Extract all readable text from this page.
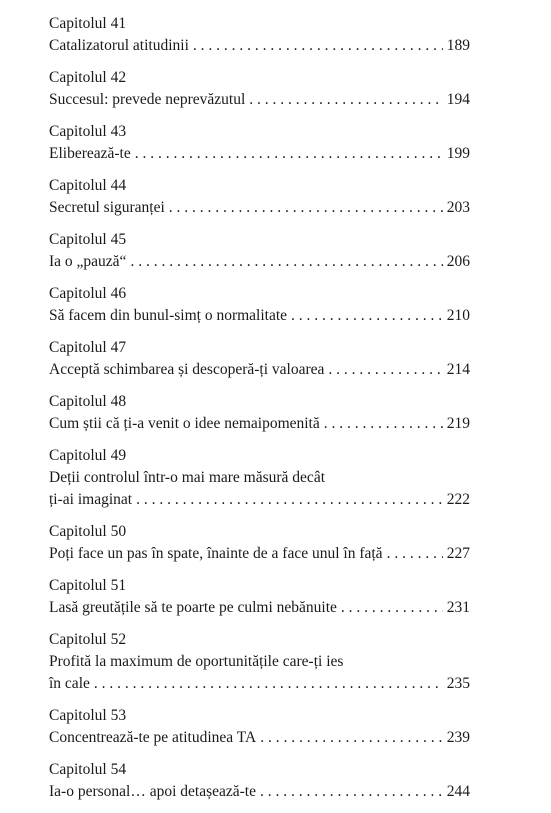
Capitolul 41
Catalizatorul atitudinii . . .	189
Capitolul 42
Succesul: prevede neprevăzutul . . .	194
Capitolul 43
Eliberează-te . . .	199
Capitolul 44
Secretul siguranței . . .	203
Capitolul 45
Ia o „pauză“ . . .	206
Capitolul 46
Să facem din bunul-simț o normalitate . . .	210
Capitolul 47
Acceptă schimbarea și descoperă-ți valoarea . . .	214
Capitolul 48
Cum știi că ți-a venit o idee nemaipomenită . . .	219
Capitolul 49
Deții controlul într-o mai mare măsură decât
ți-ai imaginat . . .	222
Capitolul 50
Poți face un pas în spate, înainte de a face unul în față . . .	227
Capitolul 51
Lasă greutățile să te poarte pe culmi nebănuite . . .	231
Capitolul 52
Profită la maximum de oportunitățile care-ți ies
în cale . . .	235
Capitolul 53
Concentrează-te pe atitudinea TA . . .	239
Capitolul 54
Ia-o personal… apoi detașează-te . . .	244
